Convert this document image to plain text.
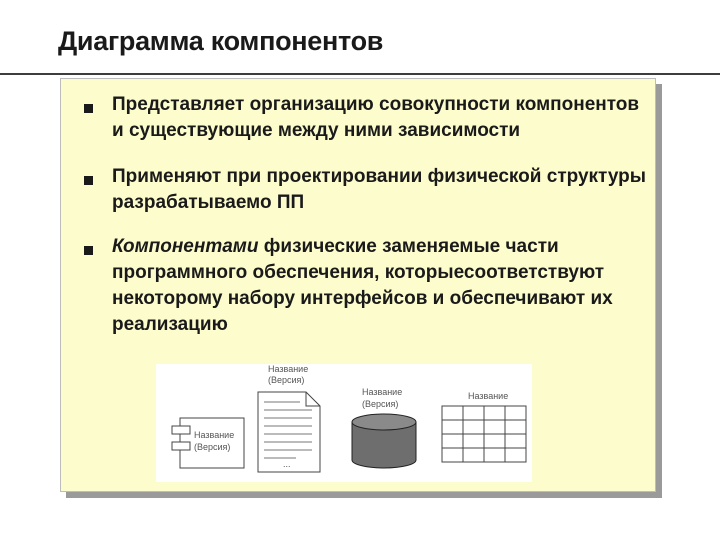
Диаграмма компонентов
Представляет организацию совокупности компонентов
и существующие между ними зависимости
Применяют при проектировании физической структуры
разрабатываемо ПП
Компонентами физические заменяемые части
программного обеспечения, которыесоответствуют
некоторому набору интерфейсов и обеспечивают их
реализацию
Название
(Версия)
Название
(Версия)
...
Название
(Версия)
Название
